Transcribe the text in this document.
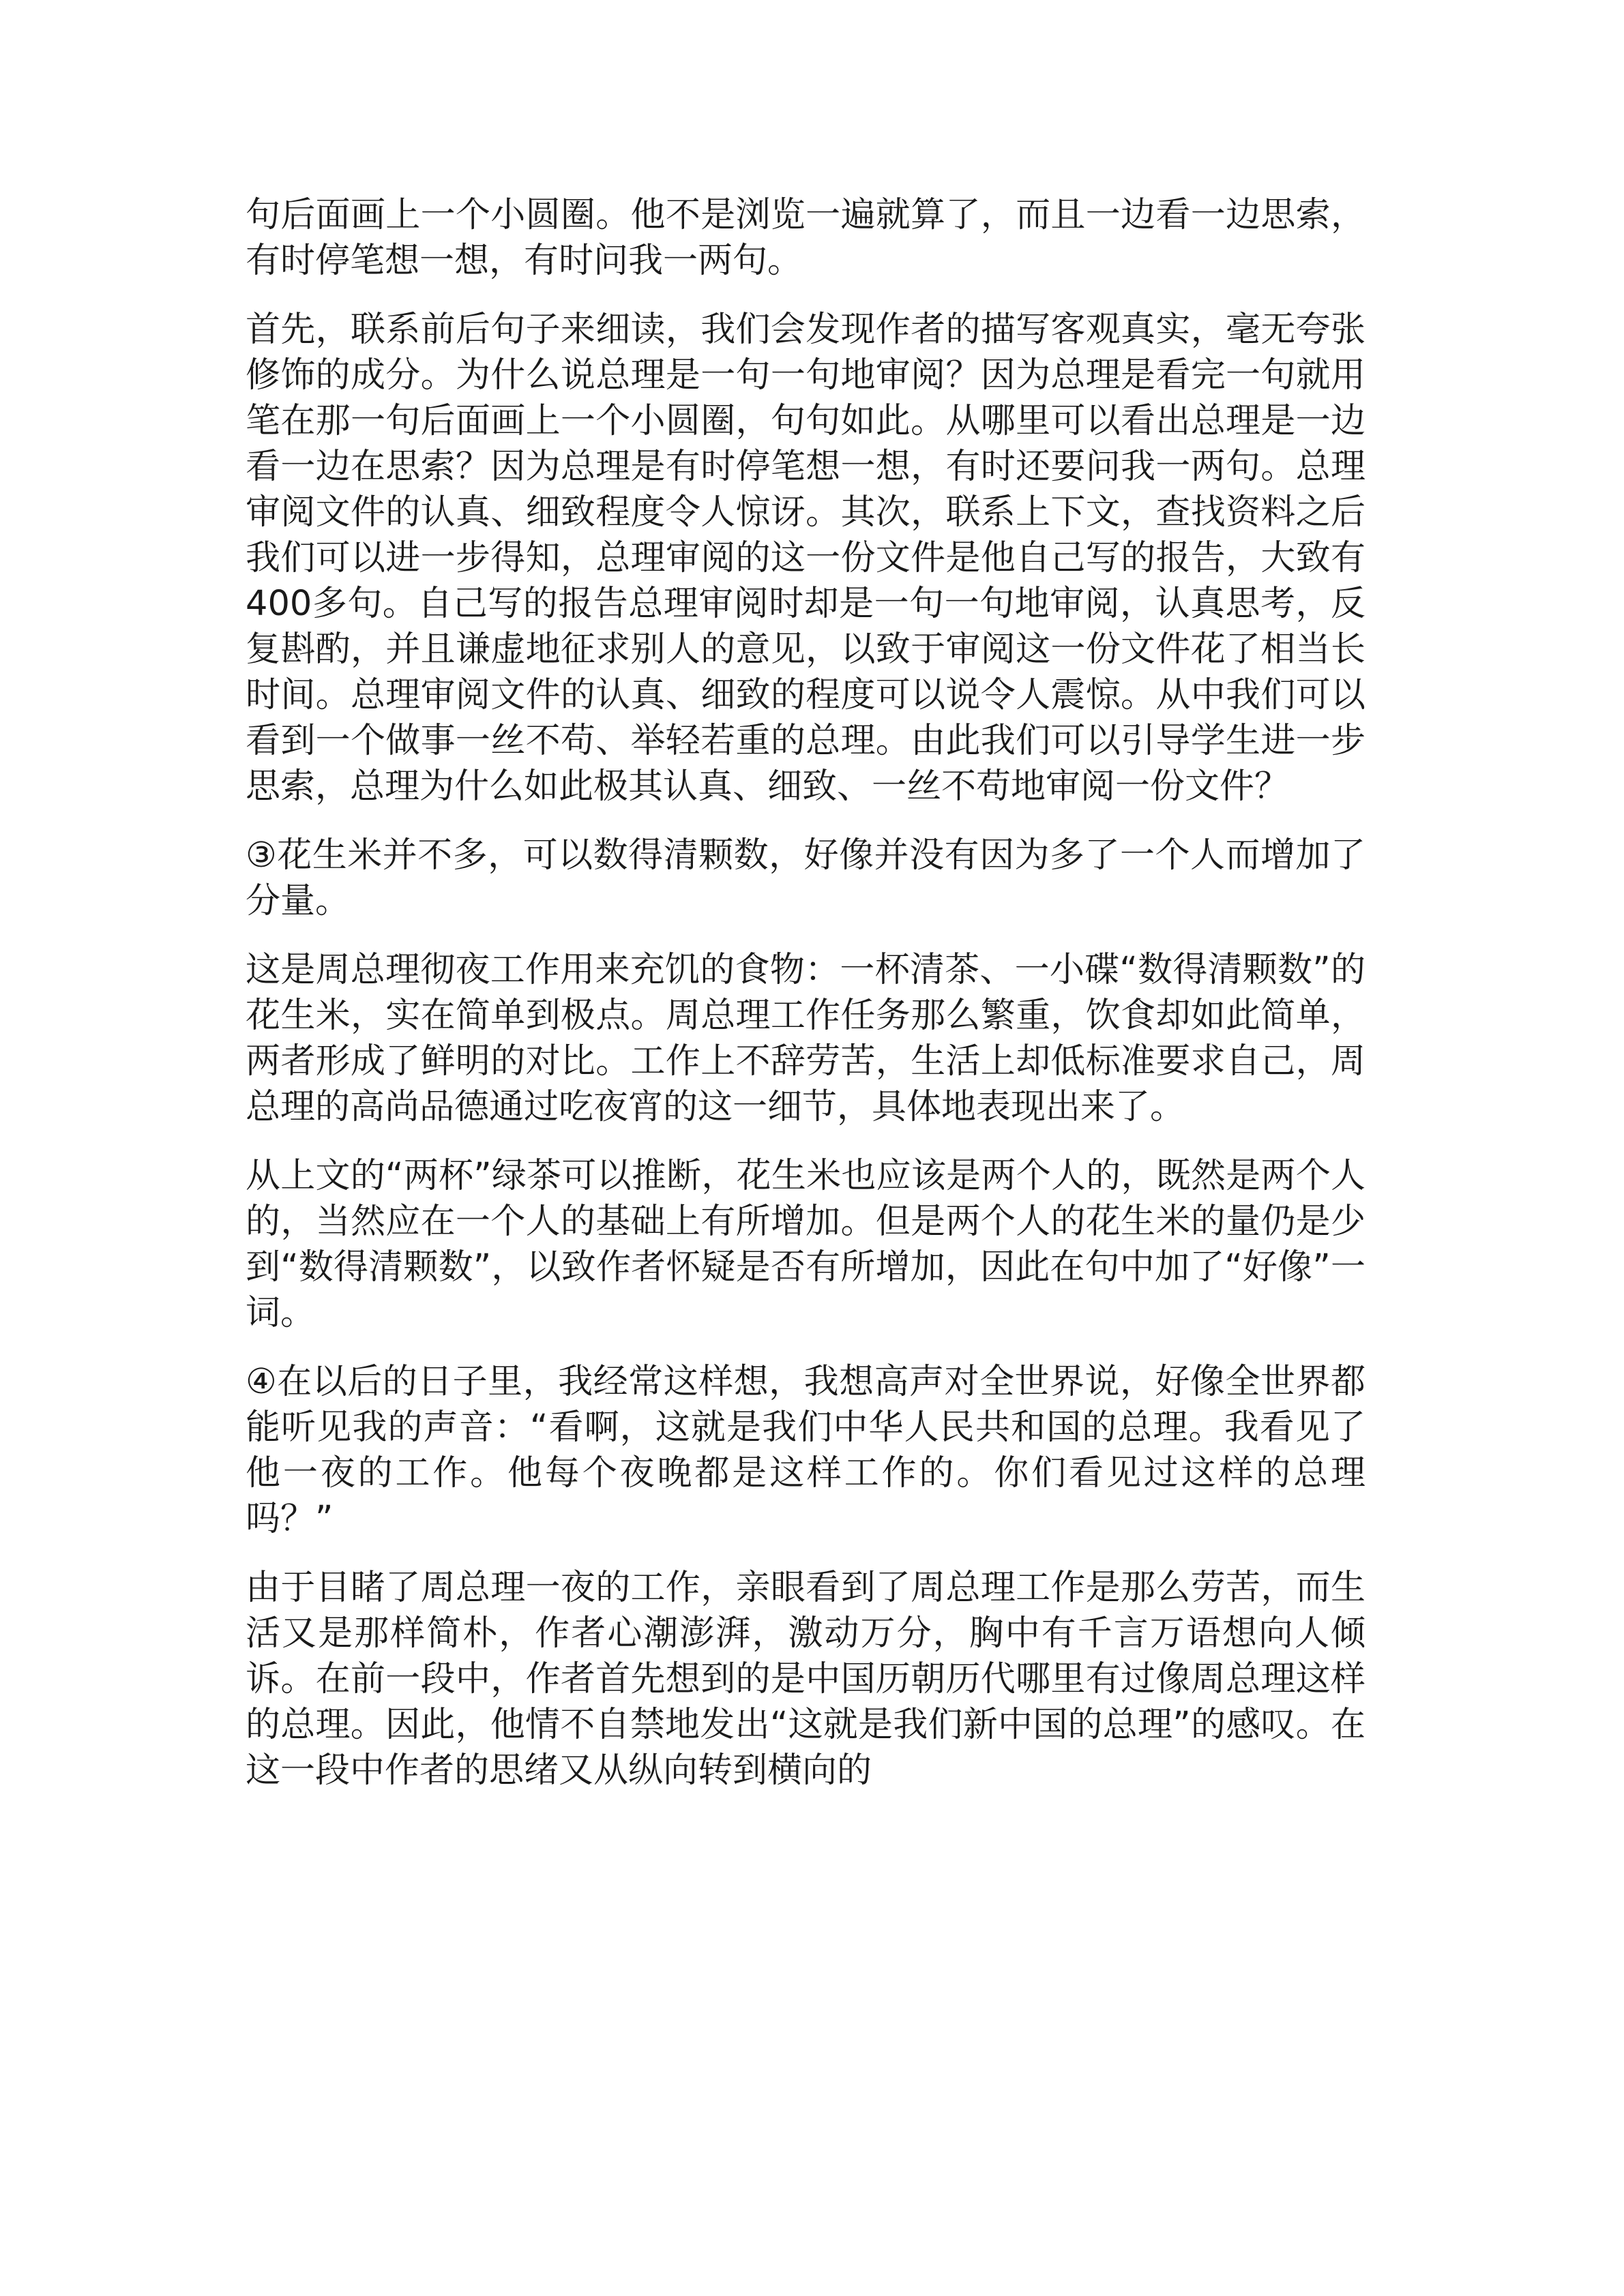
句后面画上一个小圆圈。他不是浏览一遍就算了，而且一边看一边思索，有时停笔想一想，有时问我一两句。

首先，联系前后句子来细读，我们会发现作者的描写客观真实，毫无夸张修饰的成分。为什么说总理是一句一句地审阅？因为总理是看完一句就用笔在那一句后面画上一个小圆圈，句句如此。从哪里可以看出总理是一边看一边在思索？因为总理是有时停笔想一想，有时还要问我一两句。总理审阅文件的认真、细致程度令人惊讶。其次，联系上下文，查找资料之后我们可以进一步得知，总理审阅的这一份文件是他自己写的报告，大致有400多句。自己写的报告总理审阅时却是一句一句地审阅，认真思考，反复斟酌，并且谦虚地征求别人的意见，以致于审阅这一份文件花了相当长时间。总理审阅文件的认真、细致的程度可以说令人震惊。从中我们可以看到一个做事一丝不苟、举轻若重的总理。由此我们可以引导学生进一步思索，总理为什么如此极其认真、细致、一丝不苟地审阅一份文件？

③花生米并不多，可以数得清颗数，好像并没有因为多了一个人而增加了分量。

这是周总理彻夜工作用来充饥的食物：一杯清茶、一小碟“数得清颗数”的花生米，实在简单到极点。周总理工作任务那么繁重，饮食却如此简单，两者形成了鲜明的对比。工作上不辞劳苦，生活上却低标准要求自己，周总理的高尚品德通过吃夜宵的这一细节，具体地表现出来了。

从上文的“两杯”绿茶可以推断，花生米也应该是两个人的，既然是两个人的，当然应在一个人的基础上有所增加。但是两个人的花生米的量仍是少到“数得清颗数”，以致作者怀疑是否有所增加，因此在句中加了“好像”一词。

④在以后的日子里，我经常这样想，我想高声对全世界说，好像全世界都能听见我的声音：“看啊，这就是我们中华人民共和国的总理。我看见了他一夜的工作。他每个夜晚都是这样工作的。你们看见过这样的总理吗？”

由于目睹了周总理一夜的工作，亲眼看到了周总理工作是那么劳苦，而生活又是那样简朴，作者心潮澎湃，激动万分，胸中有千言万语想向人倾诉。在前一段中，作者首先想到的是中国历朝历代哪里有过像周总理这样的总理。因此，他情不自禁地发出“这就是我们新中国的总理”的感叹。在这一段中作者的思绪又从纵向转到横向的
